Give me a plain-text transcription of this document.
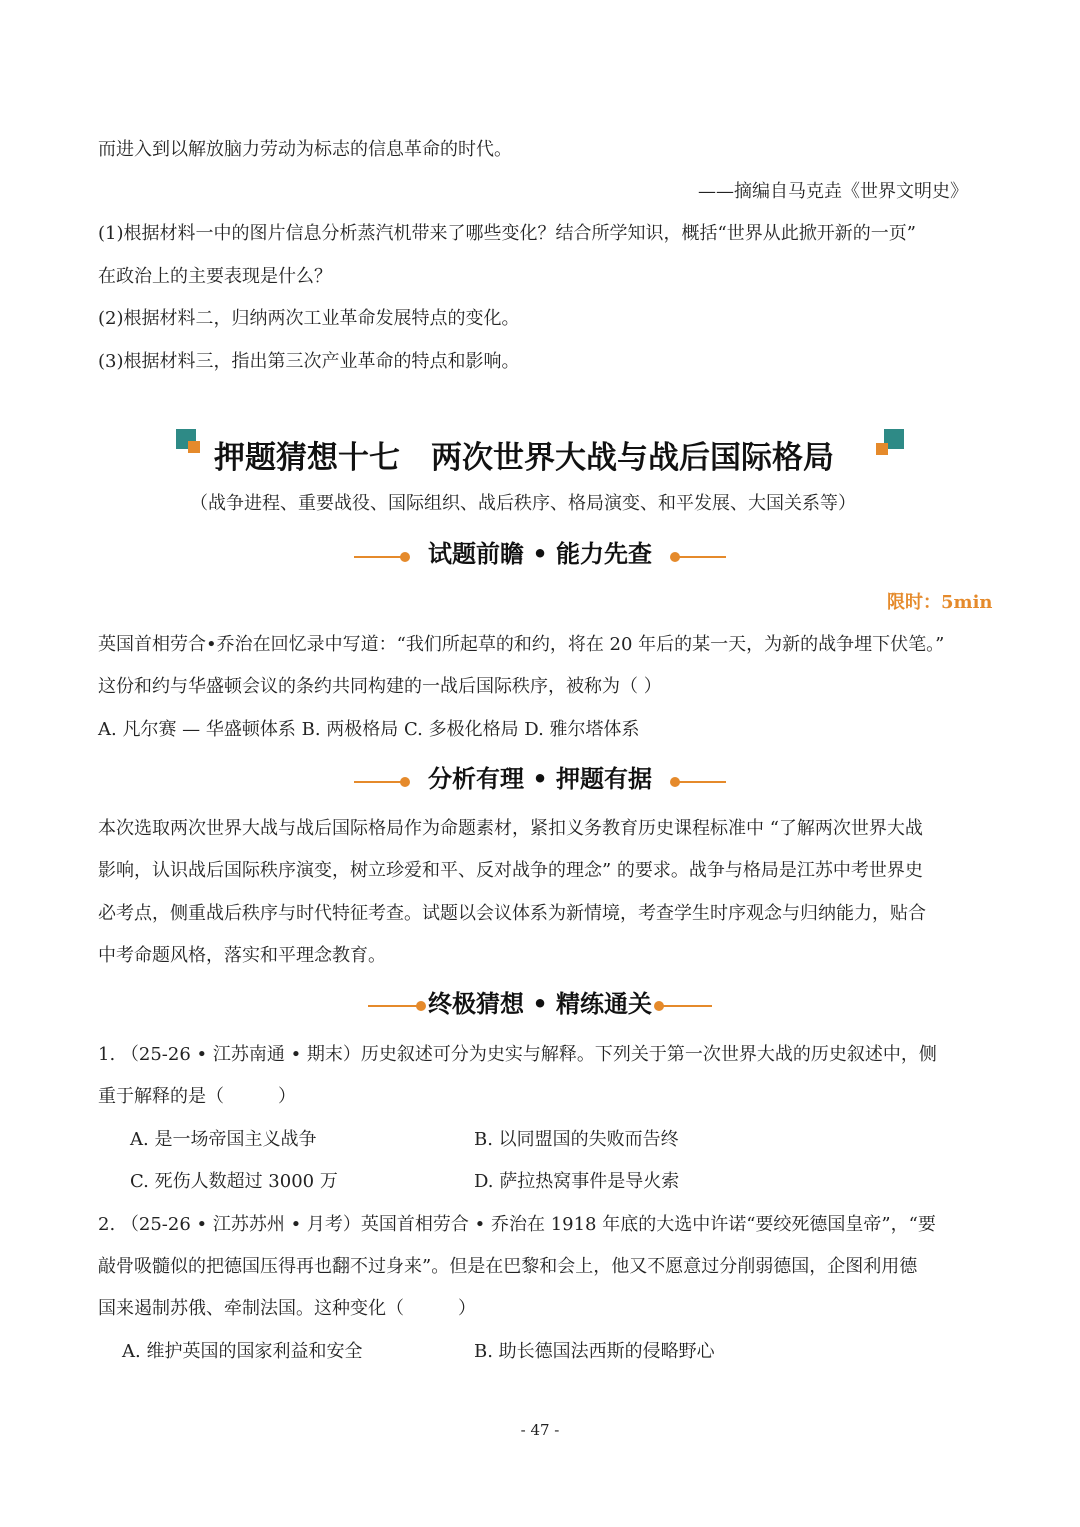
而进入到以解放脑力劳动为标志的信息革命的时代。
——摘编自马克垚《世界文明史》
(1)根据材料一中的图片信息分析蒸汽机带来了哪些变化？结合所学知识，概括“世界从此掀开新的一页”
在政治上的主要表现是什么？
(2)根据材料二，归纳两次工业革命发展特点的变化。
(3)根据材料三，指出第三次产业革命的特点和影响。
押题猜想十七　两次世界大战与战后国际格局
（战争进程、重要战役、国际组织、战后秩序、格局演变、和平发展、大国关系等）
试题前瞻 • 能力先查
限时：5min
英国首相劳合•乔治在回忆录中写道：“我们所起草的和约，将在 20 年后的某一天，为新的战争埋下伏笔。”
这份和约与华盛顿会议的条约共同构建的一战后国际秩序，被称为（ ）
A. 凡尔赛 — 华盛顿体系 B. 两极格局 C. 多极化格局 D. 雅尔塔体系
分析有理 • 押题有据
本次选取两次世界大战与战后国际格局作为命题素材，紧扣义务教育历史课程标准中 “了解两次世界大战
影响，认识战后国际秩序演变，树立珍爱和平、反对战争的理念” 的要求。战争与格局是江苏中考世界史
必考点，侧重战后秩序与时代特征考查。试题以会议体系为新情境，考查学生时序观念与归纳能力，贴合
中考命题风格，落实和平理念教育。
终极猜想 • 精练通关
1. （25-26 • 江苏南通 • 期末）历史叙述可分为史实与解释。下列关于第一次世界大战的历史叙述中，侧
重于解释的是（　　　）
A. 是一场帝国主义战争	B. 以同盟国的失败而告终
C. 死伤人数超过 3000 万	D. 萨拉热窝事件是导火索
2. （25-26 • 江苏苏州 • 月考）英国首相劳合 • 乔治在 1918 年底的大选中许诺“要绞死德国皇帝”，“要
敲骨吸髓似的把德国压得再也翻不过身来”。但是在巴黎和会上，他又不愿意过分削弱德国，企图利用德
国来遏制苏俄、牵制法国。这种变化（　　　）
A. 维护英国的国家利益和安全	B. 助长德国法西斯的侵略野心
- 47 -
